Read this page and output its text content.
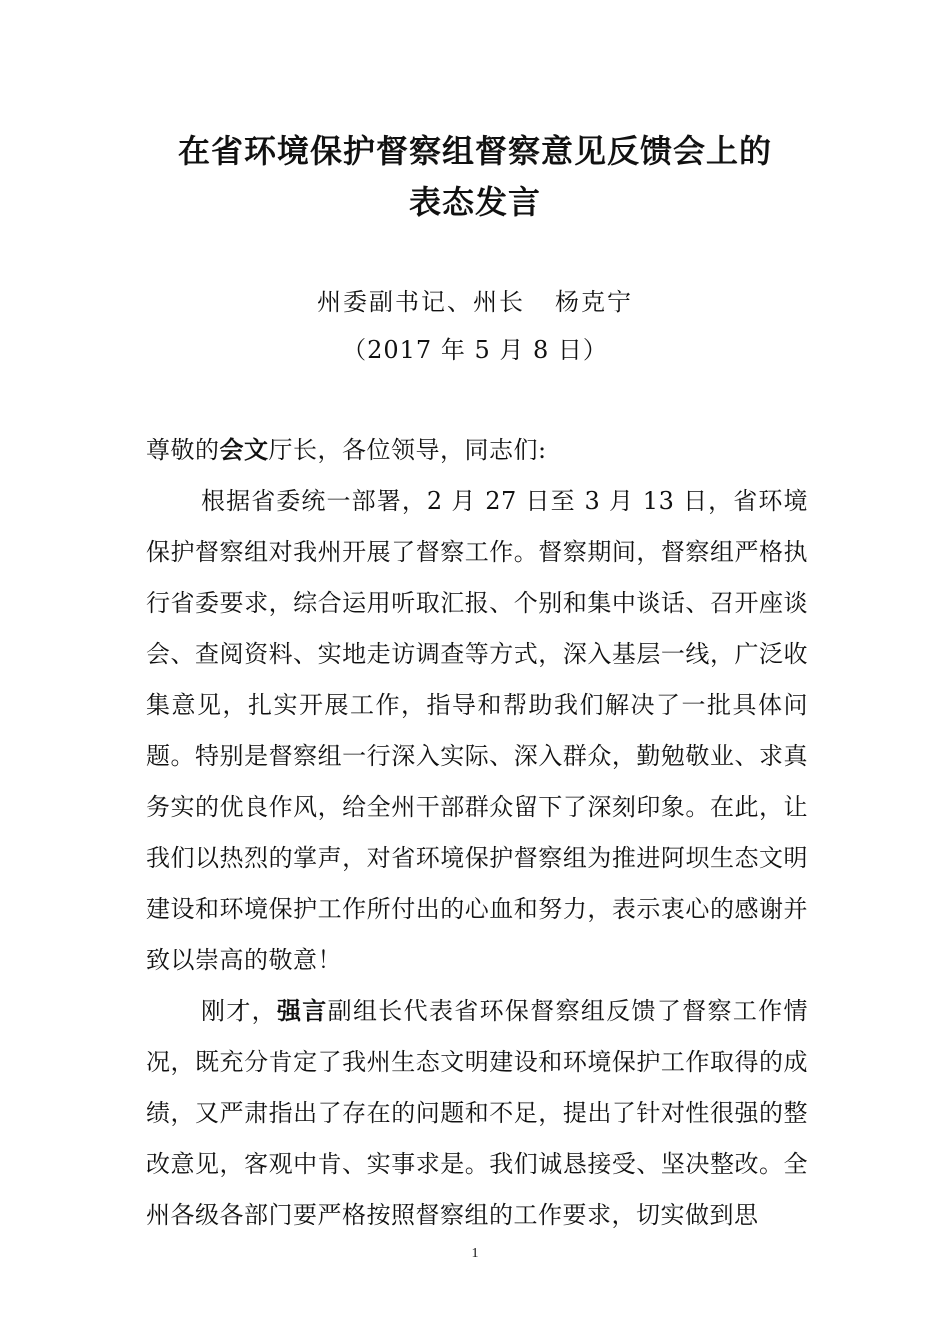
在省环境保护督察组督察意见反馈会上的
表态发言
州委副书记、州长 杨克宁
（2017 年 5 月 8 日）

尊敬的会文厅长，各位领导，同志们:

根据省委统一部署，2 月 27 日至 3 月 13 日，省环境保护督察组对我州开展了督察工作。督察期间，督察组严格执行省委要求，综合运用听取汇报、个别和集中谈话、召开座谈会、查阅资料、实地走访调查等方式，深入基层一线，广泛收集意见，扎实开展工作，指导和帮助我们解决了一批具体问题。特别是督察组一行深入实际、深入群众，勤勉敬业、求真务实的优良作风，给全州干部群众留下了深刻印象。在此，让我们以热烈的掌声，对省环境保护督察组为推进阿坝生态文明建设和环境保护工作所付出的心血和努力，表示衷心的感谢并致以崇高的敬意！

刚才，强言副组长代表省环保督察组反馈了督察工作情况，既充分肯定了我州生态文明建设和环境保护工作取得的成绩，又严肃指出了存在的问题和不足，提出了针对性很强的整改意见，客观中肯、实事求是。我们诚恳接受、坚决整改。全州各级各部门要严格按照督察组的工作要求，切实做到思

1
